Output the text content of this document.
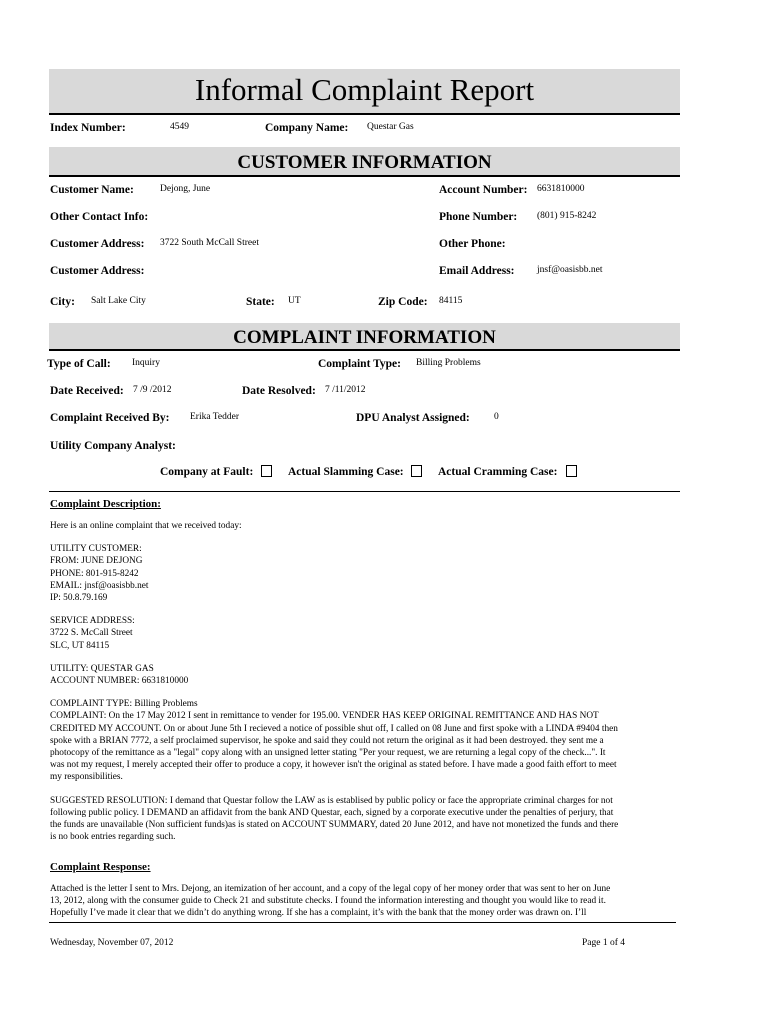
Informal Complaint Report
Index Number:	4549	Company Name: Questar Gas
CUSTOMER INFORMATION
Customer Name:	Dejong, June	Account Number: 6631810000
Other Contact Info:	Phone Number: (801) 915-8242
Customer Address: 3722 South McCall Street	Other Phone:
Customer Address:	Email Address: jnsf@oasisbb.net
City: Salt Lake City	State: UT	Zip Code: 84115
COMPLAINT INFORMATION
Type of Call: Inquiry	Complaint Type: Billing Problems
Date Received: 7 /9 /2012	Date Resolved: 7 /11/2012
Complaint Received By: Erika Tedder	DPU Analyst Assigned:	0
Utility Company Analyst:
Company at Fault:	Actual Slamming Case:	Actual Cramming Case:
Complaint Description:

Here is an online complaint that we received today:

UTILITY CUSTOMER:
FROM: JUNE DEJONG
PHONE: 801-915-8242
EMAIL: jnsf@oasisbb.net
IP: 50.8.79.169

SERVICE ADDRESS:
3722 S. McCall Street
SLC, UT 84115

UTILITY: QUESTAR GAS
ACCOUNT NUMBER: 6631810000

COMPLAINT TYPE: Billing Problems
COMPLAINT: On the 17 May 2012 I sent in remittance to vender for 195.00. VENDER HAS KEEP ORIGINAL REMITTANCE AND HAS NOT
CREDITED MY ACCOUNT. On or about June 5th I recieved a notice of possible shut off, I called on 08 June and first spoke with a LINDA #9404 then
spoke with a BRIAN 7772, a self proclaimed supervisor, he spoke and said they could not return the original as it had been destroyed. they sent me a
photocopy of the remittance as a "legal" copy along with an unsigned letter stating "Per your request, we are returning a legal copy of the check...". It
was not my request, I merely accepted their offer to produce a copy, it however isn't the original as stated before. I have made a good faith effort to meet
my responsibilities.

SUGGESTED RESOLUTION: I demand that Questar follow the LAW as is establised by public policy or face the appropriate criminal charges for not
following public policy. I DEMAND an affidavit from the bank AND Questar, each, signed by a corporate executive under the penalties of perjury, that
the funds are unavailable (Non sufficient funds)as is stated on ACCOUNT SUMMARY, dated 20 June 2012, and have not monetized the funds and there
is no book entries regarding such.

Complaint Response:
Attached is the letter I sent to Mrs. Dejong, an itemization of her account, and a copy of the legal copy of her money order that was sent to her on June
13, 2012, along with the consumer guide to Check 21 and substitute checks. I found the information interesting and thought you would like to read it.
Hopefully I’ve made it clear that we didn’t do anything wrong. If she has a complaint, it’s with the bank that the money order was drawn on. I’ll
Wednesday, November 07, 2012	Page 1 of 4
